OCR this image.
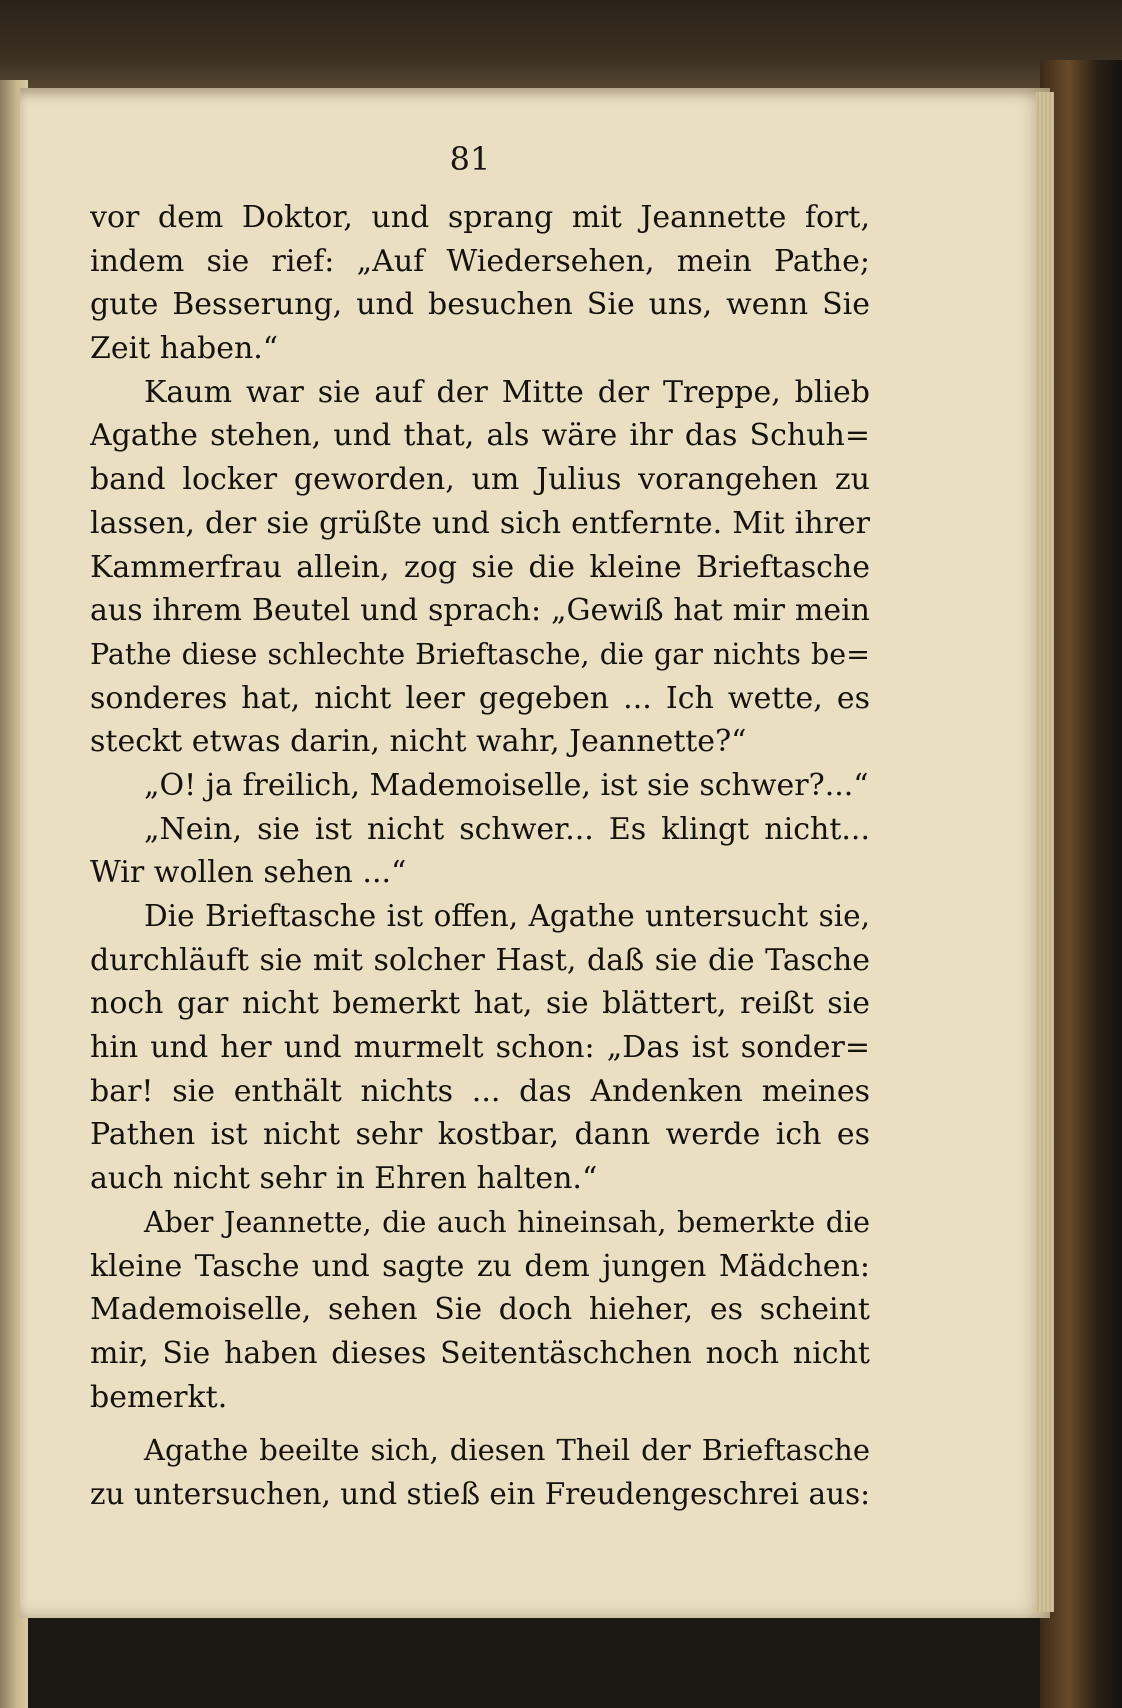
81
vor dem Doktor, und sprang mit Jeannette fort,
indem sie rief: „Auf Wiedersehen, mein Pathe;
gute Besserung, und besuchen Sie uns, wenn Sie
Zeit haben.“
Kaum war sie auf der Mitte der Treppe, blieb
Agathe stehen, und that, als wäre ihr das Schuh=
band locker geworden, um Julius vorangehen zu
lassen, der sie grüßte und sich entfernte. Mit ihrer
Kammerfrau allein, zog sie die kleine Brieftasche
aus ihrem Beutel und sprach: „Gewiß hat mir mein
Pathe diese schlechte Brieftasche, die gar nichts be=
sonderes hat, nicht leer gegeben ... Ich wette, es
steckt etwas darin, nicht wahr, Jeannette?“
„O! ja freilich, Mademoiselle, ist sie schwer?...“
„Nein, sie ist nicht schwer... Es klingt nicht...
Wir wollen sehen ...“
Die Brieftasche ist offen, Agathe untersucht sie,
durchläuft sie mit solcher Hast, daß sie die Tasche
noch gar nicht bemerkt hat, sie blättert, reißt sie
hin und her und murmelt schon: „Das ist sonder=
bar! sie enthält nichts ... das Andenken meines
Pathen ist nicht sehr kostbar, dann werde ich es
auch nicht sehr in Ehren halten.“
Aber Jeannette, die auch hineinsah, bemerkte die
kleine Tasche und sagte zu dem jungen Mädchen:
Mademoiselle, sehen Sie doch hieher, es scheint
mir, Sie haben dieses Seitentäschchen noch nicht
bemerkt.
Agathe beeilte sich, diesen Theil der Brieftasche
zu untersuchen, und stieß ein Freudengeschrei aus:
